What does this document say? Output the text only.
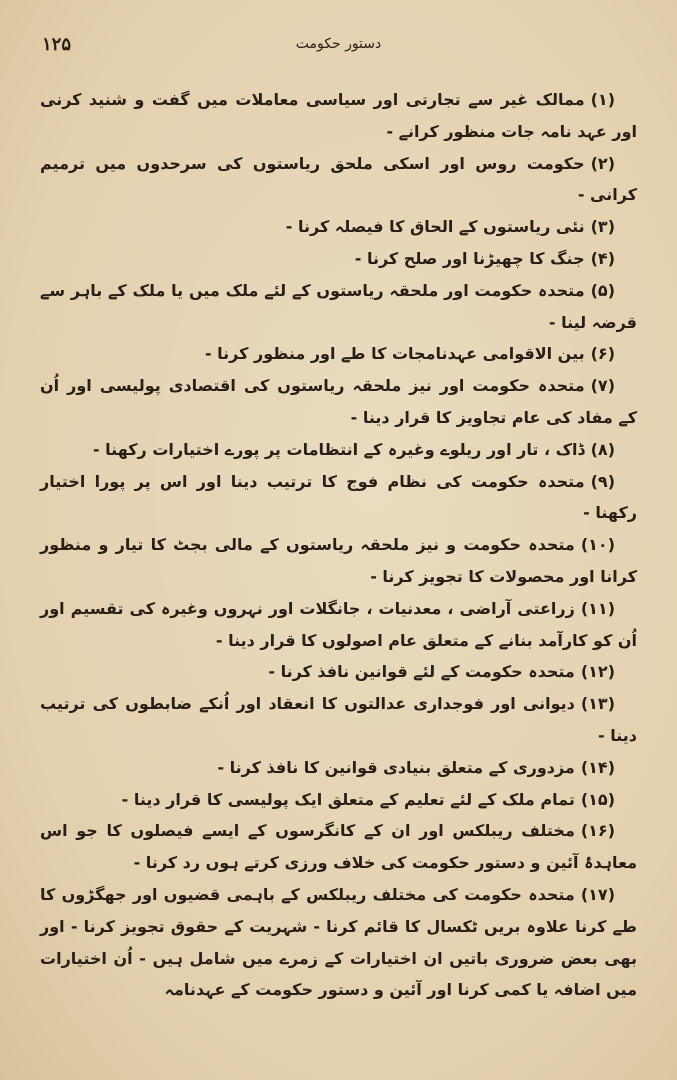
۱۲۵	دستور حکومت

(۱)ممالک غیر سے تجارتی اور سیاسی معاملات میں گفت و شنید کرنی اور عہد نامہ جات منظور کرانے -

(۲)حکومت روس اور اسکی ملحق ریاستوں کی سرحدوں میں ترمیم کرانی -

(۳)نئی ریاستوں کے الحاق کا فیصلہ کرنا -

(۴)جنگ کا چھیڑنا اور صلح کرنا -

(۵)متحدہ حکومت اور ملحقہ ریاستوں کے لئے ملک میں یا ملک کے باہر سے قرضہ لینا -

(۶)بین الاقوامی عہدنامجات کا طے اور منظور کرنا -

(۷)متحدہ حکومت اور نیز ملحقہ ریاستوں کی اقتصادی پولیسی اور اُن کے مفاد کی عام تجاویز کا قرار دینا -

(۸)ڈاک ، تار اور ریلوے وغیرہ کے انتظامات پر پورے اختیارات رکھنا -

(۹)متحدہ حکومت کی نظام فوج کا ترتیب دینا اور اس پر پورا اختیار رکھنا -

(۱۰)متحدہ حکومت و نیز ملحقہ ریاستوں کے مالی بجٹ کا تیار و منظور کرانا اور محصولات کا تجویز کرنا -

(۱۱)زراعتی آراضی ، معدنیات ، جانگلات اور نہروں وغیرہ کی تقسیم اور اُن کو کارآمد بنانے کے متعلق عام اصولوں کا قرار دینا -

(۱۲)متحدہ حکومت کے لئے قوانین نافذ کرنا -

(۱۳)دیوانی اور فوجداری عدالتوں کا انعقاد اور اُنکے ضابطوں کی ترتیب دینا -

(۱۴)مزدوری کے متعلق بنیادی قوانین کا نافذ کرنا -

(۱۵)تمام ملک کے لئے تعلیم کے متعلق ایک پولیسی کا قرار دینا -

(۱۶)مختلف ریبلکس اور ان کے کانگرسوں کے ایسے فیصلوں کا جو اس معاہدۂ آئین و دستور حکومت کی خلاف ورزی کرتے ہوں رد کرنا -

(۱۷)متحدہ حکومت کی مختلف ریبلکس کے باہمی قضیوں اور جھگڑوں کا طے کرنا علاوہ بریں ٹکسال کا قائم کرنا - شہریت کے حقوق تجویز کرنا - اور بھی بعض ضروری باتیں ان اختیارات کے زمرے میں شامل ہیں - اُن اختیارات میں اضافہ یا کمی کرنا اور آئین و دستور حکومت کے عہدنامہ
